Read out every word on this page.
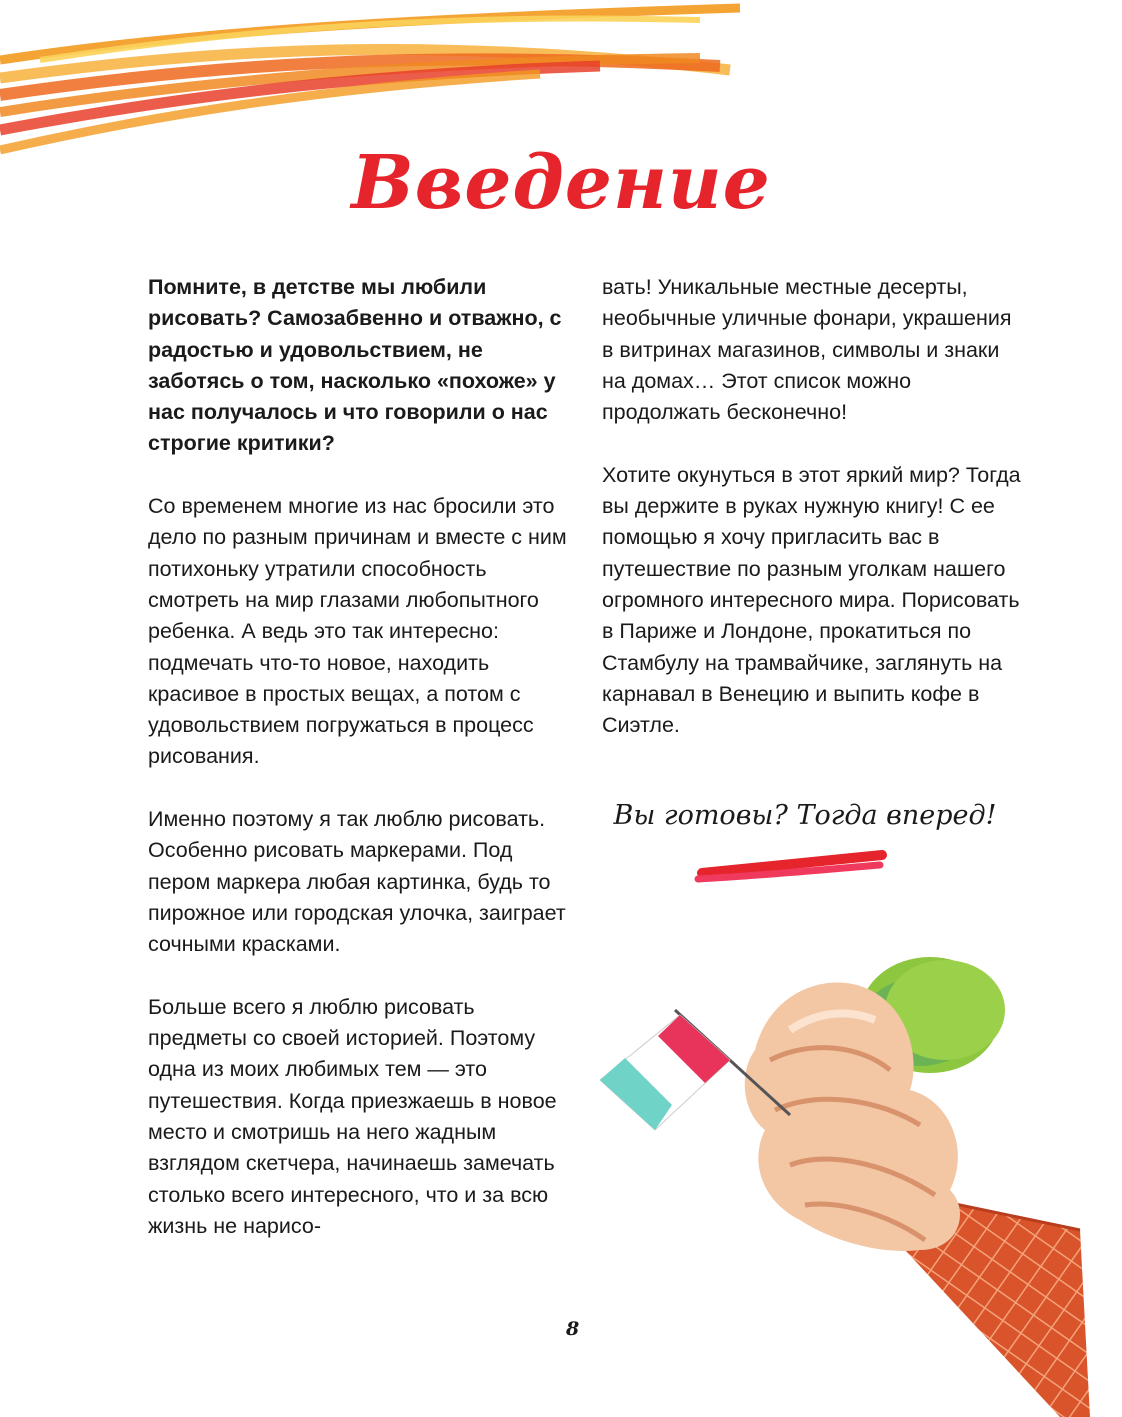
Введение

Помните, в детстве мы любили рисовать? Самозабвенно и отважно, с радостью и удовольствием, не заботясь о том, насколько «похоже» у нас получалось и что говорили о нас строгие критики?

Со временем многие из нас бросили это дело по разным причинам и вместе с ним потихоньку утратили способность смотреть на мир глазами любопытного ребенка. А ведь это так интересно: подмечать что-то новое, находить красивое в простых вещах, а потом с удовольствием погружаться в процесс рисования.

Именно поэтому я так люблю рисовать. Особенно рисовать маркерами. Под пером маркера любая картинка, будь то пирожное или городская улочка, заиграет сочными красками.

Больше всего я люблю рисовать предметы со своей историей. Поэтому одна из моих любимых тем — это путешествия. Когда приезжаешь в новое место и смотришь на него жадным взглядом скетчера, начинаешь замечать столько всего интересного, что и за всю жизнь не нарисо-

вать! Уникальные местные десерты, необычные уличные фонари, украшения в витринах магазинов, символы и знаки на домах… Этот список можно продолжать бесконечно!

Хотите окунуться в этот яркий мир? Тогда вы держите в руках нужную книгу! С ее помощью я хочу пригласить вас в путешествие по разным уголкам нашего огромного интересного мира. Порисовать в Париже и Лондоне, прокатиться по Стамбулу на трамвайчике, заглянуть на карнавал в Венецию и выпить кофе в Сиэтле.

Вы готовы? Тогда вперед!

8
